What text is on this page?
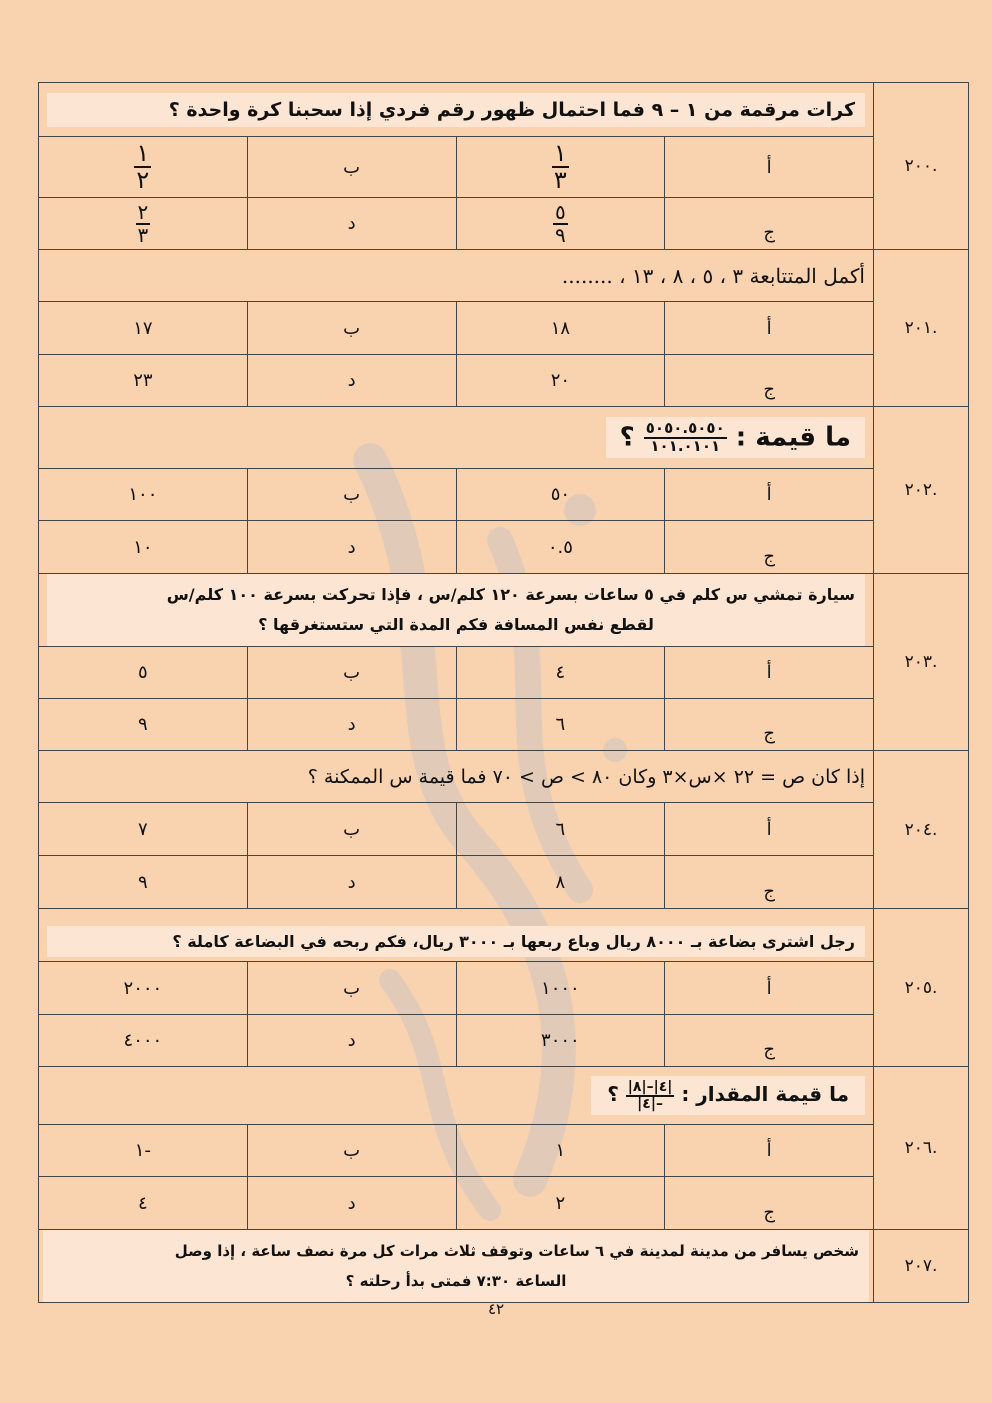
.٢٠٠	كرات مرقمة من ١ – ٩ فما احتمال ظهور رقم فردي إذا سحبنا كرة واحدة ؟			

	أ	$\frac{١}{٣}$	ب	$\frac{١}{٢}$

	ج	$\frac{٥}{٩}$	د	$\frac{٢}{٣}$

.٢٠١	أكمل المتتابعة ٣ ، ٥ ، ٨ ، ١٣ ، ........			
	أ	١٨	ب	١٧
	ج	٢٠	د	٢٣
.٢٠٢	ما قيمة :
$\frac{٥٠٥٠.٥٠٥٠}{١٠١.٠١٠١}$
؟			
	أ	٥٠	ب	١٠٠
	ج	٠.٥	د	١٠
.٢٠٣	سيارة تمشي س كلم في ٥ ساعات بسرعة ١٢٠ كلم/س ، فإذا تحركت بسرعة ١٠٠ كلم/س
لقطع نفس المسافة فكم المدة التي ستستغرقها ؟			

	أ	٤	ب	٥
	ج	٦	د	٩
.٢٠٤	إذا كان ص = ٢٢ ×س×٣ وكان ٨٠ > ص > ٧٠ فما قيمة س الممكنة ؟			
	أ	٦	ب	٧
	ج	٨	د	٩
.٢٠٥	رجل اشترى بضاعة بـ ٨٠٠٠ ريال وباع ربعها بـ ٣٠٠٠ ريال، فكم ربحه في البضاعة كاملة ؟			

	أ	١٠٠٠	ب	٢٠٠٠
	ج	٣٠٠٠	د	٤٠٠٠
.٢٠٦	ما قيمة المقدار :
$\frac{|٤|-|٨|}{-|٤|}$
؟			
	أ	١	ب	-١
	ج	٢	د	٤
.٢٠٧	شخص يسافر من مدينة لمدينة في ٦ ساعات وتوقف ثلاث مرات كل مرة نصف ساعة ، إذا وصل
الساعة ٧:٣٠ فمتى بدأ رحلته ؟			
٤٢
